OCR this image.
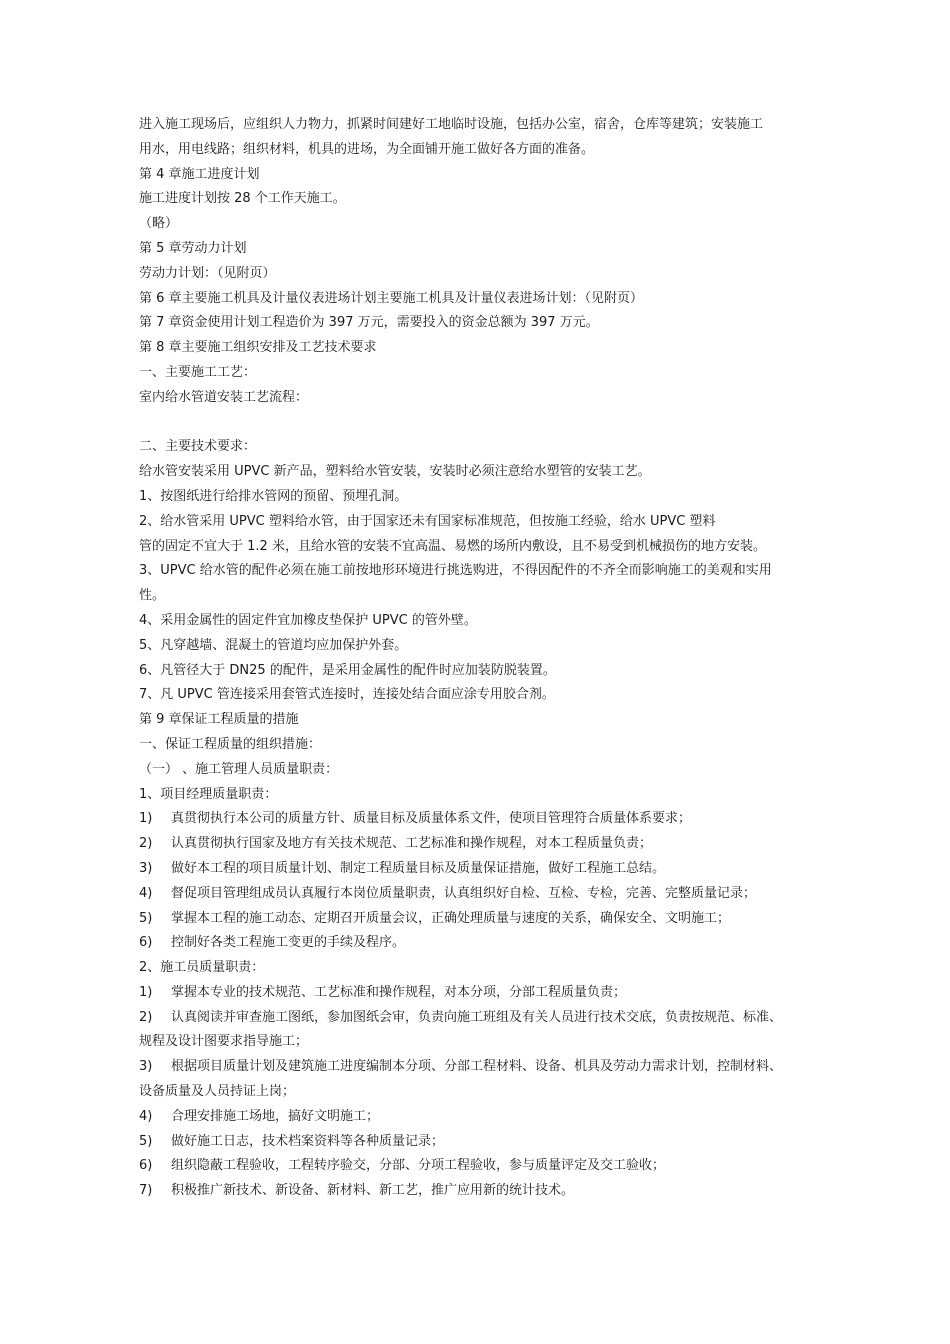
进入施工现场后，应组织人力物力，抓紧时间建好工地临时设施，包括办公室，宿舍，仓库等建筑；安装施工
用水，用电线路；组织材料，机具的进场，为全面铺开施工做好各方面的准备。
第 4 章施工进度计划
施工进度计划按 28 个工作天施工。
（略）
第 5 章劳动力计划
劳动力计划：（见附页）
第 6 章主要施工机具及计量仪表进场计划主要施工机具及计量仪表进场计划：（见附页）
第 7 章资金使用计划工程造价为 397 万元，需要投入的资金总额为 397 万元。
第 8 章主要施工组织安排及工艺技术要求
一、主要施工工艺：
室内给水管道安装工艺流程：
二、主要技术要求：
给水管安装采用 UPVC 新产品，塑料给水管安装，安装时必须注意给水塑管的安装工艺。
1、按图纸进行给排水管网的预留、预埋孔洞。
2、给水管采用 UPVC 塑料给水管，由于国家还未有国家标准规范，但按施工经验，给水 UPVC 塑料
管的固定不宜大于 1.2 米，且给水管的安装不宜高温、易燃的场所内敷设，且不易受到机械损伤的地方安装。
3、UPVC 给水管的配件必须在施工前按地形环境进行挑选购进，不得因配件的不齐全而影响施工的美观和实用
性。
4、采用金属性的固定件宜加橡皮垫保护 UPVC 的管外壁。
5、凡穿越墙、混凝土的管道均应加保护外套。
6、凡管径大于 DN25 的配件，是采用金属性的配件时应加装防脱装置。
7、凡 UPVC 管连接采用套管式连接时，连接处结合面应涂专用胶合剂。
第 9 章保证工程质量的措施
一、保证工程质量的组织措施：
（一） 、施工管理人员质量职责：
1、项目经理质量职责：
1) 真贯彻执行本公司的质量方针、质量目标及质量体系文件，使项目管理符合质量体系要求；
2) 认真贯彻执行国家及地方有关技术规范、工艺标准和操作规程，对本工程质量负责；
3) 做好本工程的项目质量计划、制定工程质量目标及质量保证措施，做好工程施工总结。
4) 督促项目管理组成员认真履行本岗位质量职责，认真组织好自检、互检、专检，完善、完整质量记录；
5) 掌握本工程的施工动态、定期召开质量会议，正确处理质量与速度的关系，确保安全、文明施工；
6) 控制好各类工程施工变更的手续及程序。
2、施工员质量职责：
1) 掌握本专业的技术规范、工艺标准和操作规程，对本分项，分部工程质量负责；
2) 认真阅读并审查施工图纸，参加图纸会审，负责向施工班组及有关人员进行技术交底，负责按规范、标准、
规程及设计图要求指导施工；
3) 根据项目质量计划及建筑施工进度编制本分项、分部工程材料、设备、机具及劳动力需求计划，控制材料、
设备质量及人员持证上岗；
4) 合理安排施工场地，搞好文明施工；
5) 做好施工日志，技术档案资料等各种质量记录；
6) 组织隐蔽工程验收，工程转序验交，分部、分项工程验收，参与质量评定及交工验收；
7) 积极推广新技术、新设备、新材料、新工艺，推广应用新的统计技术。
